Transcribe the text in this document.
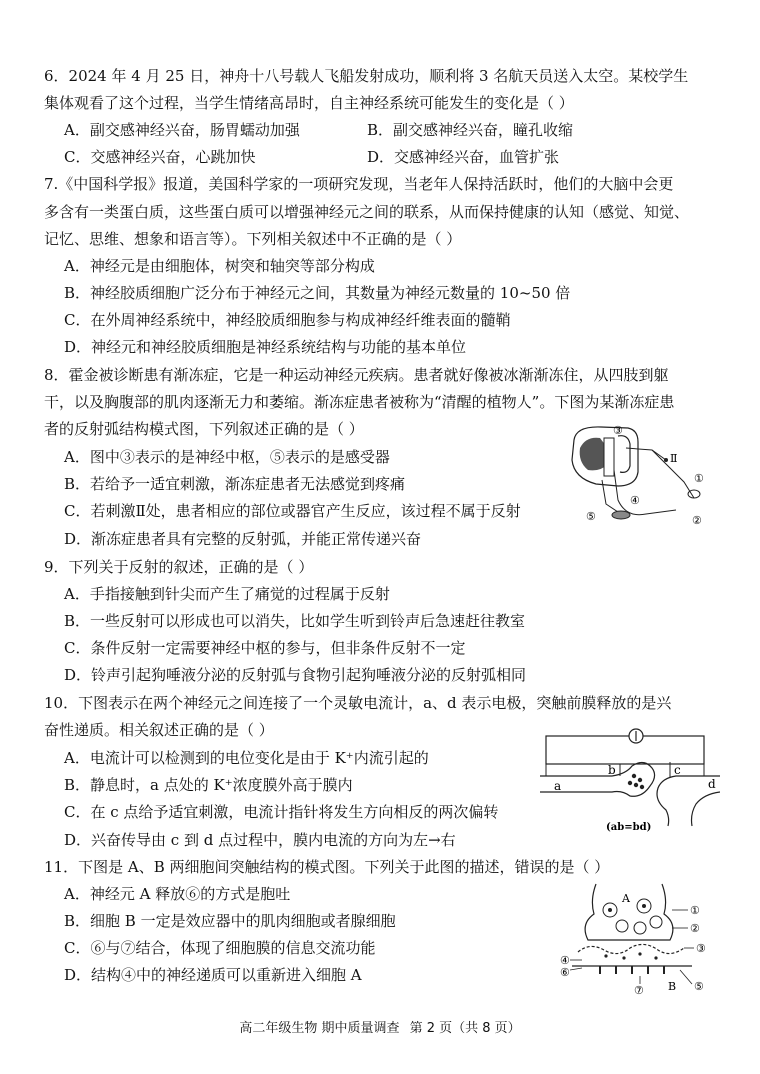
6．2024 年 4 月 25 日，神舟十八号载人飞船发射成功，顺利将 3 名航天员送入太空。某校学生
集体观看了这个过程，当学生情绪高昂时，自主神经系统可能发生的变化是（ ）
A．副交感神经兴奋，肠胃蠕动加强	B．副交感神经兴奋，瞳孔收缩
C．交感神经兴奋，心跳加快	D．交感神经兴奋，血管扩张
7.《中国科学报》报道，美国科学家的一项研究发现，当老年人保持活跃时，他们的大脑中会更
多含有一类蛋白质，这些蛋白质可以增强神经元之间的联系，从而保持健康的认知（感觉、知觉、
记忆、思维、想象和语言等）。下列相关叙述中不正确的是（ ）
A．神经元是由细胞体，树突和轴突等部分构成
B．神经胶质细胞广泛分布于神经元之间，其数量为神经元数量的 10~50 倍
C．在外周神经系统中，神经胶质细胞参与构成神经纤维表面的髓鞘
D．神经元和神经胶质细胞是神经系统结构与功能的基本单位
8．霍金被诊断患有渐冻症，它是一种运动神经元疾病。患者就好像被冰渐渐冻住，从四肢到躯
干，以及胸腹部的肌肉逐渐无力和萎缩。渐冻症患者被称为“清醒的植物人”。下图为某渐冻症患
者的反射弧结构模式图，下列叙述正确的是（ ）
A．图中③表示的是神经中枢，⑤表示的是感受器
B．若给予一适宜刺激，渐冻症患者无法感觉到疼痛
C．若刺激Ⅱ处，患者相应的部位或器官产生反应，该过程不属于反射
D．渐冻症患者具有完整的反射弧，并能正常传递兴奋
③
Ⅱ
①
④
⑤	②
9．下列关于反射的叙述，正确的是（ ）
A．手指接触到针尖而产生了痛觉的过程属于反射
B．一些反射可以形成也可以消失，比如学生听到铃声后急速赶往教室
C．条件反射一定需要神经中枢的参与，但非条件反射不一定
D．铃声引起狗唾液分泌的反射弧与食物引起狗唾液分泌的反射弧相同
10．下图表示在两个神经元之间连接了一个灵敏电流计，a、d 表示电极，突触前膜释放的是兴
奋性递质。相关叙述正确的是（ ）
A．电流计可以检测到的电位变化是由于 K⁺内流引起的
B．静息时，a 点处的 K⁺浓度膜外高于膜内
C．在 c 点给予适宜刺激，电流计指针将发生方向相反的两次偏转
D．兴奋传导由 c 到 d 点过程中，膜内电流的方向为左→右
a
b	c
d
(ab=bd)
11．下图是 A、B 两细胞间突触结构的模式图。下列关于此图的描述，错误的是（ ）
A．神经元 A 释放⑥的方式是胞吐
B．细胞 B 一定是效应器中的肌肉细胞或者腺细胞
C．⑥与⑦结合，体现了细胞膜的信息交流功能
D．结构④中的神经递质可以重新进入细胞 A
①
②
③
④
⑤
⑥
⑦
A
B
高二年级生物 期中质量调查 第 2 页（共 8 页）
